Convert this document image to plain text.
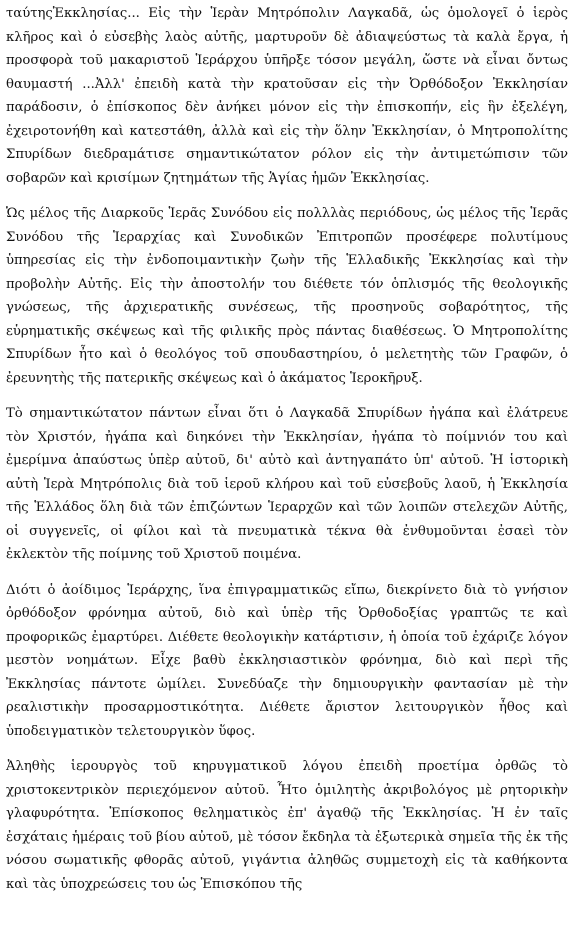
ταύτηςἘκκλησίας... Εἰς τὴν Ἱερὰν Μητρόπολιν Λαγκαδᾶ, ὡς ὁμολογεῖ ὁ ἱερὸς κλῆρος καὶ ὁ εὐσεβὴς λαὸς αὐτῆς, μαρτυροῦν δὲ ἀδιαψεύστως τὰ καλὰ ἔργα, ἡ προσφορὰ τοῦ μακαριστοῦ Ἱεράρχου ὑπῆρξε τόσον μεγάλη, ὥστε νὰ εἶναι ὄντως θαυμαστή ...Ἀλλ' ἐπειδὴ κατὰ τὴν κρατοῦσαν εἰς τὴν Ὀρθόδοξον Ἐκκλησίαν παράδοσιν, ὁ ἐπίσκοπος δὲν ἀνήκει μόνον εἰς τὴν ἐπισκοπήν, εἰς ἣν ἐξελέγη, ἐχειροτονήθη καὶ κατεστάθη, ἀλλὰ καὶ εἰς τὴν ὅλην Ἐκκλησίαν, ὁ Μητροπολίτης Σπυρίδων διεδραμάτισε σημαντικώτατον ρόλον εἰς τὴν ἀντιμετώπισιν τῶν σοβαρῶν καὶ κρισίμων ζητημάτων τῆς Ἁγίας ἡμῶν Ἐκκλησίας.

Ὡς μέλος τῆς Διαρκοῦς Ἱερᾶς Συνόδου εἰς πολλλὰς περιόδους, ὡς μέλος τῆς Ἱερᾶς Συνόδου τῆς Ἱεραρχίας καὶ Συνοδικῶν Ἐπιτροπῶν προσέφερε πολυτίμους ὑπηρεσίας εἰς τὴν ἐνδοποιμαντικὴν ζωὴν τῆς Ἑλλαδικῆς Ἐκκλησίας καὶ τὴν προβολὴν Αὐτῆς. Εἰς τὴν ἀποστολήν του διέθετε τόν ὁπλισμός τῆς θεολογικῆς γνώσεως, τῆς ἀρχιερατικῆς συνέσεως, τῆς προσηνοῦς σοβαρότητος, τῆς εὑρηματικῆς σκέψεως καὶ τῆς φιλικῆς πρὸς πάντας διαθέσεως. Ὁ Μητροπολίτης Σπυρίδων ἦτο καὶ ὁ θεολόγος τοῦ σπουδαστηρίου, ὁ μελετητὴς τῶν Γραφῶν, ὁ ἐρευνητὴς τῆς πατερικῆς σκέψεως καὶ ὁ ἀκάματος Ἱεροκῆρυξ.

Τὸ σημαντικώτατον πάντων εἶναι ὅτι ὁ Λαγκαδᾶ Σπυρίδων ἠγάπα καὶ ἐλάτρευε τὸν Χριστόν, ἠγάπα καὶ διηκόνει τὴν Ἐκκλησίαν, ἠγάπα τὸ ποίμνιόν του καὶ ἐμερίμνα ἀπαύστως ὑπὲρ αὐτοῦ, δι' αὐτὸ καὶ ἀντηγαπάτο ὑπ' αὐτοῦ. Ἡ ἱστορικὴ αὐτὴ Ἱερὰ Μητρόπολις διὰ τοῦ ἱεροῦ κλήρου καὶ τοῦ εὐσεβοῦς λαοῦ, ἡ Ἐκκλησία τῆς Ἑλλάδος ὅλη διὰ τῶν ἐπιζώντων Ἱεραρχῶν καὶ τῶν λοιπῶν στελεχῶν Αὐτῆς, οἱ συγγενεῖς, οἱ φίλοι καὶ τὰ πνευματικὰ τέκνα θὰ ἐνθυμοῦνται ἐσαεὶ τὸν ἐκλεκτὸν τῆς ποίμνης τοῦ Χριστοῦ ποιμένα.

Διότι ὁ ἀοίδιμος Ἱεράρχης, ἵνα ἐπιγραμματικῶς εἴπω, διεκρίνετο διὰ τὸ γνήσιον ὀρθόδοξον φρόνημα αὐτοῦ, διὸ καὶ ὑπὲρ τῆς Ὀρθοδοξίας γραπτῶς τε καὶ προφορικῶς ἐμαρτύρει. Διέθετε θεολογικὴν κατάρτισιν, ἡ ὁποία τοῦ ἐχάριζε λόγον μεστὸν νοημάτων. Εἶχε βαθὺ ἐκκλησιαστικὸν φρόνημα, διὸ καὶ περὶ τῆς Ἐκκλησίας πάντοτε ὡμίλει. Συνεδύαζε τὴν δημιουργικὴν φαντασίαν μὲ τὴν ρεαλιστικὴν προσαρμοστικότητα. Διέθετε ἄριστον λειτουργικὸν ἦθος καὶ ὑποδειγματικὸν τελετουργικὸν ὕφος.

Ἀληθὴς ἱερουργὸς τοῦ κηρυγματικοῦ λόγου ἐπειδὴ προετίμα ὀρθῶς τὸ χριστοκεντρικὸν περιεχόμενον αὐτοῦ. Ἦτο ὁμιλητὴς ἀκριβολόγος μὲ ρητορικὴν γλαφυρότητα. Ἐπίσκοπος θεληματικὸς ἐπ' ἀγαθῷ τῆς Ἐκκλησίας. Ἡ ἐν ταῖς ἐσχάταις ἡμέραις τοῦ βίου αὐτοῦ, μὲ τόσον ἔκδηλα τὰ ἐξωτερικὰ σημεῖα τῆς ἐκ τῆς νόσου σωματικῆς φθορᾶς αὐτοῦ, γιγάντια ἀληθῶς συμμετοχὴ εἰς τὰ καθήκοντα καὶ τὰς ὑποχρεώσεις του ὡς Ἐπισκόπου τῆς
